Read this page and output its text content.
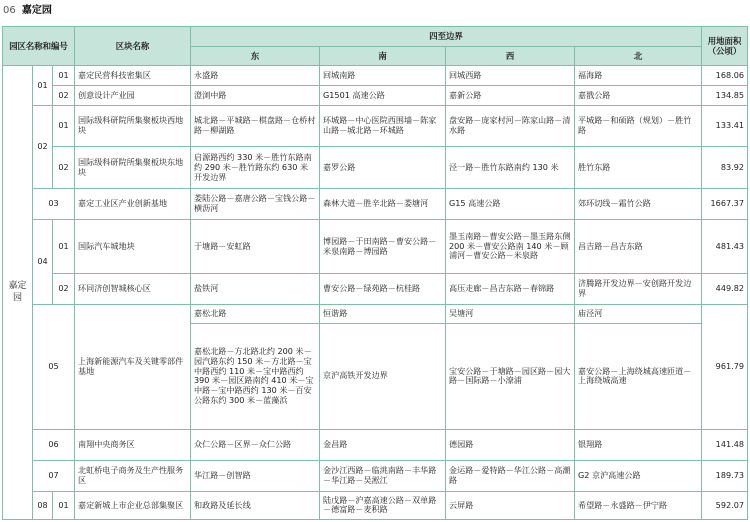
06 嘉定园
园区名称和编号			区块名称	四至边界				用地面积（公顷）
				东	南	西	北	
嘉定园	01	01	嘉定民营科技密集区	永盛路	回城南路	回城西路	福海路	168.06
		02	创意设计产业园	澄浏中路	G1501 高速公路	嘉新公路	嘉戬公路	134.85
	02	01	国际级科研院所集聚板块西地块	城北路－平城路－棋盘路－仓桥村路－柳湖路	环城路－中心医院西围墙－陈家山路－城北路－环城路	盘安路－庞家村河－陈家山路－清水路	平城路－和硕路（规划）－胜竹路	133.41
		02	国际级科研院所集聚板块东地块	启源路西约 330 米－胜竹东路南约 290 米－胜竹路东约 630 米开发边界	嘉罗公路	泾一路－胜竹东路南约 130 米	胜竹东路	83.92
	03		嘉定工业区产业创新基地	娄陆公路－嘉唐公路－宝钱公路－横沥河	森林大道－胜辛北路－娄塘河	G15 高速公路	郊环切线－霜竹公路	1667.37
	04	01	国际汽车城地块	于塘路－安虹路	博园路－于田南路－曹安公路－米泉南路－博园路	墨玉南路－曹安公路－墨玉路东侧 200 米－曹安公路南 140 米－顾浦河－曹安公路－米泉路	昌吉路－昌吉东路	481.43
		02	环同济创智城核心区	盐铁河	曹安公路－绿苑路－杭桂路	高压走廊－昌吉东路－春锦路	济腾路开发边界－安创路开发边界	449.82
	05		上海新能源汽车及关键零部件基地	嘉松北路	恒谐路	吴塘河	庙泾河	961.79
				嘉松北路－方北路北约 200 米－园汽路东约 150 米－方北路－宝中路西约 110 米－宝中路西约 390 米－园区路南约 410 米－宝中路－宝中路西约 130 米－百安公路东约 300 米－蓝藻浜	京沪高铁开发边界	宝安公路－于塘路－园区路－园大路－国际路－小潦浦	嘉安公路－上海绕城高速匝道－上海绕城高速	
	06		南翔中央商务区	众仁公路－区界－众仁公路	金昌路	德园路	银翔路	141.48
	07		北虹桥电子商务及生产性服务区	华江路－创智路	金沙江西路－临洮南路－丰华路－华江路－吴淞江	金运路－爱特路－华江公路－高潮路	G2 京沪高速公路	189.73
	08	01	嘉定新城上市企业总部集聚区	和政路及延长线	陆戊路－沪嘉高速公路－双单路－德富路－麦积路	云屏路	希望路－永盛路－伊宁路	592.07
